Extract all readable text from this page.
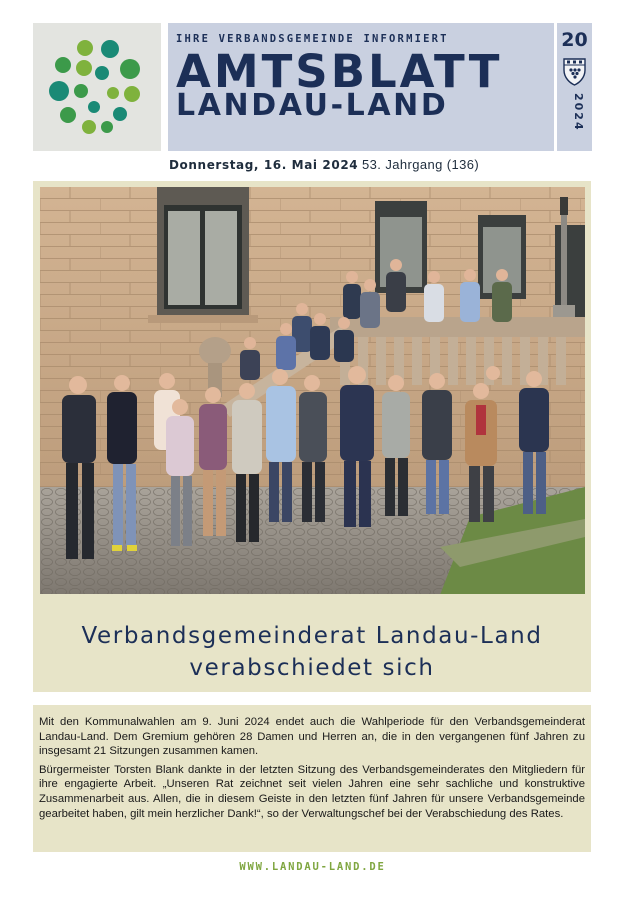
IHRE VERBANDSGEMEINDE INFORMIERT
AMTSBLATT
LANDAU-LAND
20
2024
Donnerstag, 16. Mai 2024 53. Jahrgang (136)
Verbandsgemeinderat Landau-Land
verabschiedet sich

Mit den Kommunalwahlen am 9. Juni 2024 endet auch die Wahlperiode für den Verbandsgemeinderat Landau-Land. Dem Gremium gehören 28 Damen und Herren an, die in den vergangenen fünf Jahren zu insgesamt 21 Sitzungen zusammen kamen.

Bürgermeister Torsten Blank dankte in der letzten Sitzung des Verbandsgemeinderates den Mitgliedern für ihre engagierte Arbeit. „Unseren Rat zeichnet seit vielen Jahren eine sehr sachliche und konstruktive Zusammenarbeit aus. Allen, die in diesem Geiste in den letzten fünf Jahren für unsere Verbandsgemeinde gearbeitet haben, gilt mein herzlicher Dank!“, so der Verwaltungschef bei der Verabschiedung des Rates.

WWW.LANDAU-LAND.DE
